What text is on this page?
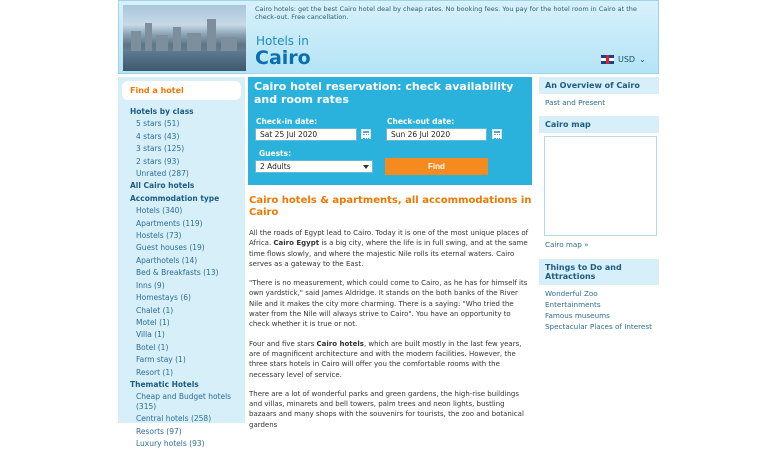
Cairo hotels: get the best Cairo hotel deal by cheap rates. No booking fees. You pay for the hotel room in Cairo at the check-out. Free cancellation.
Hotels in
Cairo	USD ⌄
Find a hotel
Hotels by class
5 stars (51)
4 stars (43)
3 stars (125)
2 stars (93)
Unrated (287)
All Cairo hotels
Accommodation type
Hotels (340)
Apartments (119)
Hostels (73)
Guest houses (19)
Aparthotels (14)
Bed & Breakfasts (13)
Inns (9)
Homestays (6)
Chalet (1)
Motel (1)
Villa (1)
Botel (1)
Farm stay (1)
Resort (1)
Thematic Hotels
Cheap and Budget hotels (315)
Central hotels (258)
Resorts (97)
Luxury hotels (93)
Cairo hotel reservation: check availability and room rates
Check-in date:
Sat 25 Jul 2020
Check-out date:
Sun 26 Jul 2020
Guests:
2 Adults	Find
Cairo hotels & apartments, all accommodations in Cairo
All the roads of Egypt lead to Cairo. Today it is one of the most unique places of Africa. Cairo Egypt is a big city, where the life is in full swing, and at the same time flows slowly, and where the majestic Nile rolls its eternal waters. Cairo serves as a gateway to the East.
"There is no measurement, which could come to Cairo, as he has for himself its own yardstick," said James Aldridge. It stands on the both banks of the River Nile and it makes the city more charming. There is a saying: "Who tried the water from the Nile will always strive to Cairo". You have an opportunity to check whether it is true or not.
Four and five stars Cairo hotels, which are built mostly in the last few years, are of magnificent architecture and with the modern facilities. However, the three stars hotels in Cairo will offer you the comfortable rooms with the necessary level of service.
There are a lot of wonderful parks and green gardens, the high-rise buildings and villas, minarets and bell towers, palm trees and neon lights, bustling bazaars and many shops with the souvenirs for tourists, the zoo and botanical gardens
An Overview of Cairo
Past and Present
Cairo map
Cairo map »
Things to Do and Attractions
Wonderful Zoo
Entertainments
Famous museums
Spectacular Places of Interest
